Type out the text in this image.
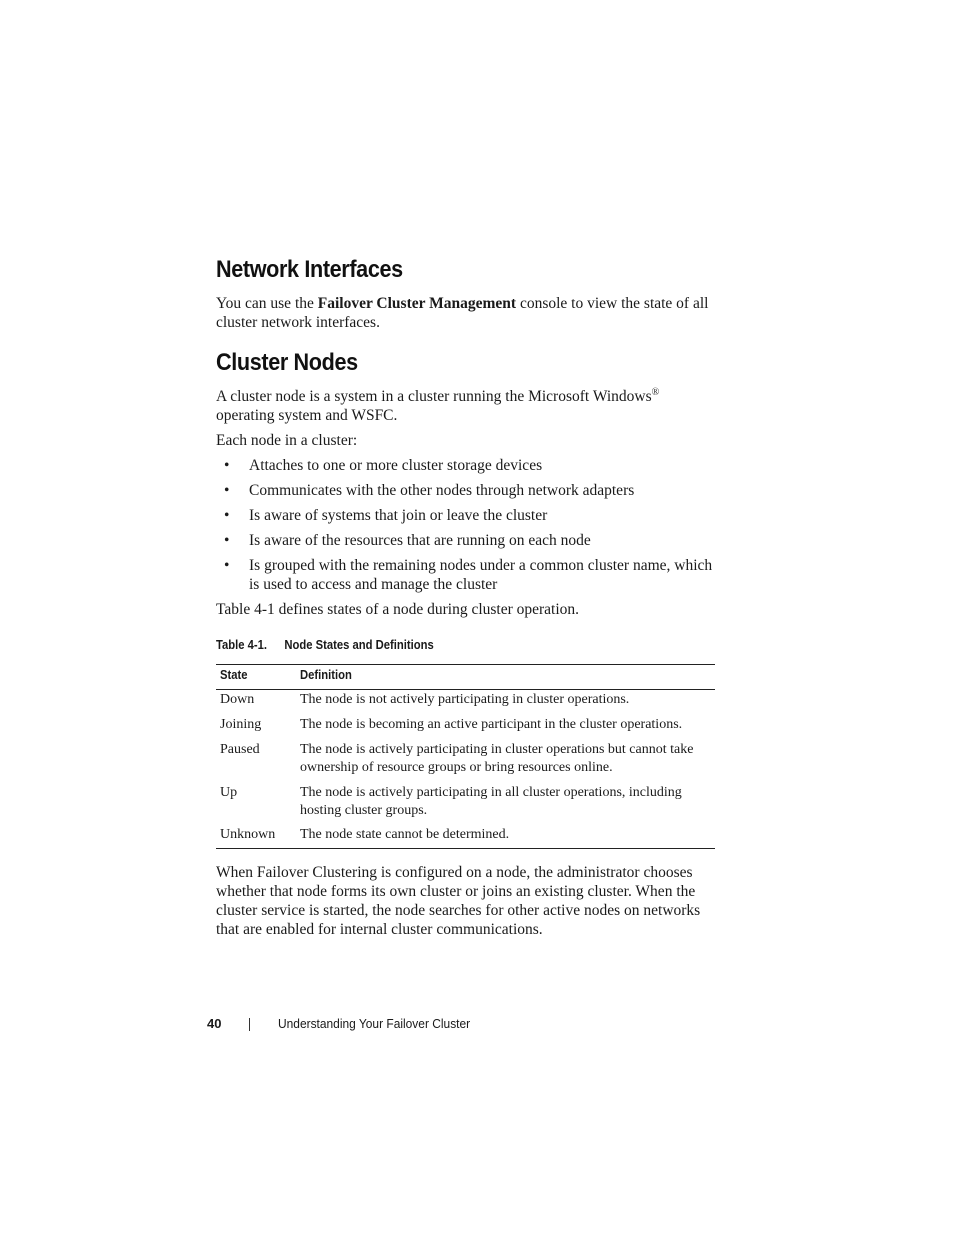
Network Interfaces

You can use the Failover Cluster Management console to view the state of all cluster network interfaces.

Cluster Nodes

A cluster node is a system in a cluster running the Microsoft Windows® operating system and WSFC.

Each node in a cluster:

• Attaches to one or more cluster storage devices
• Communicates with the other nodes through network adapters
• Is aware of systems that join or leave the cluster
• Is aware of the resources that are running on each node
• Is grouped with the remaining nodes under a common cluster name, which is used to access and manage the cluster

Table 4-1 defines states of a node during cluster operation.

Table 4-1. Node States and Definitions
State	Definition
Down	The node is not actively participating in cluster operations.
Joining	The node is becoming an active participant in the cluster operations.
Paused	The node is actively participating in cluster operations but cannot take ownership of resource groups or bring resources online.
Up	The node is actively participating in all cluster operations, including hosting cluster groups.
Unknown The node state cannot be determined.

When Failover Clustering is configured on a node, the administrator chooses whether that node forms its own cluster or joins an existing cluster. When the cluster service is started, the node searches for other active nodes on networks that are enabled for internal cluster communications.

40	Understanding Your Failover Cluster
